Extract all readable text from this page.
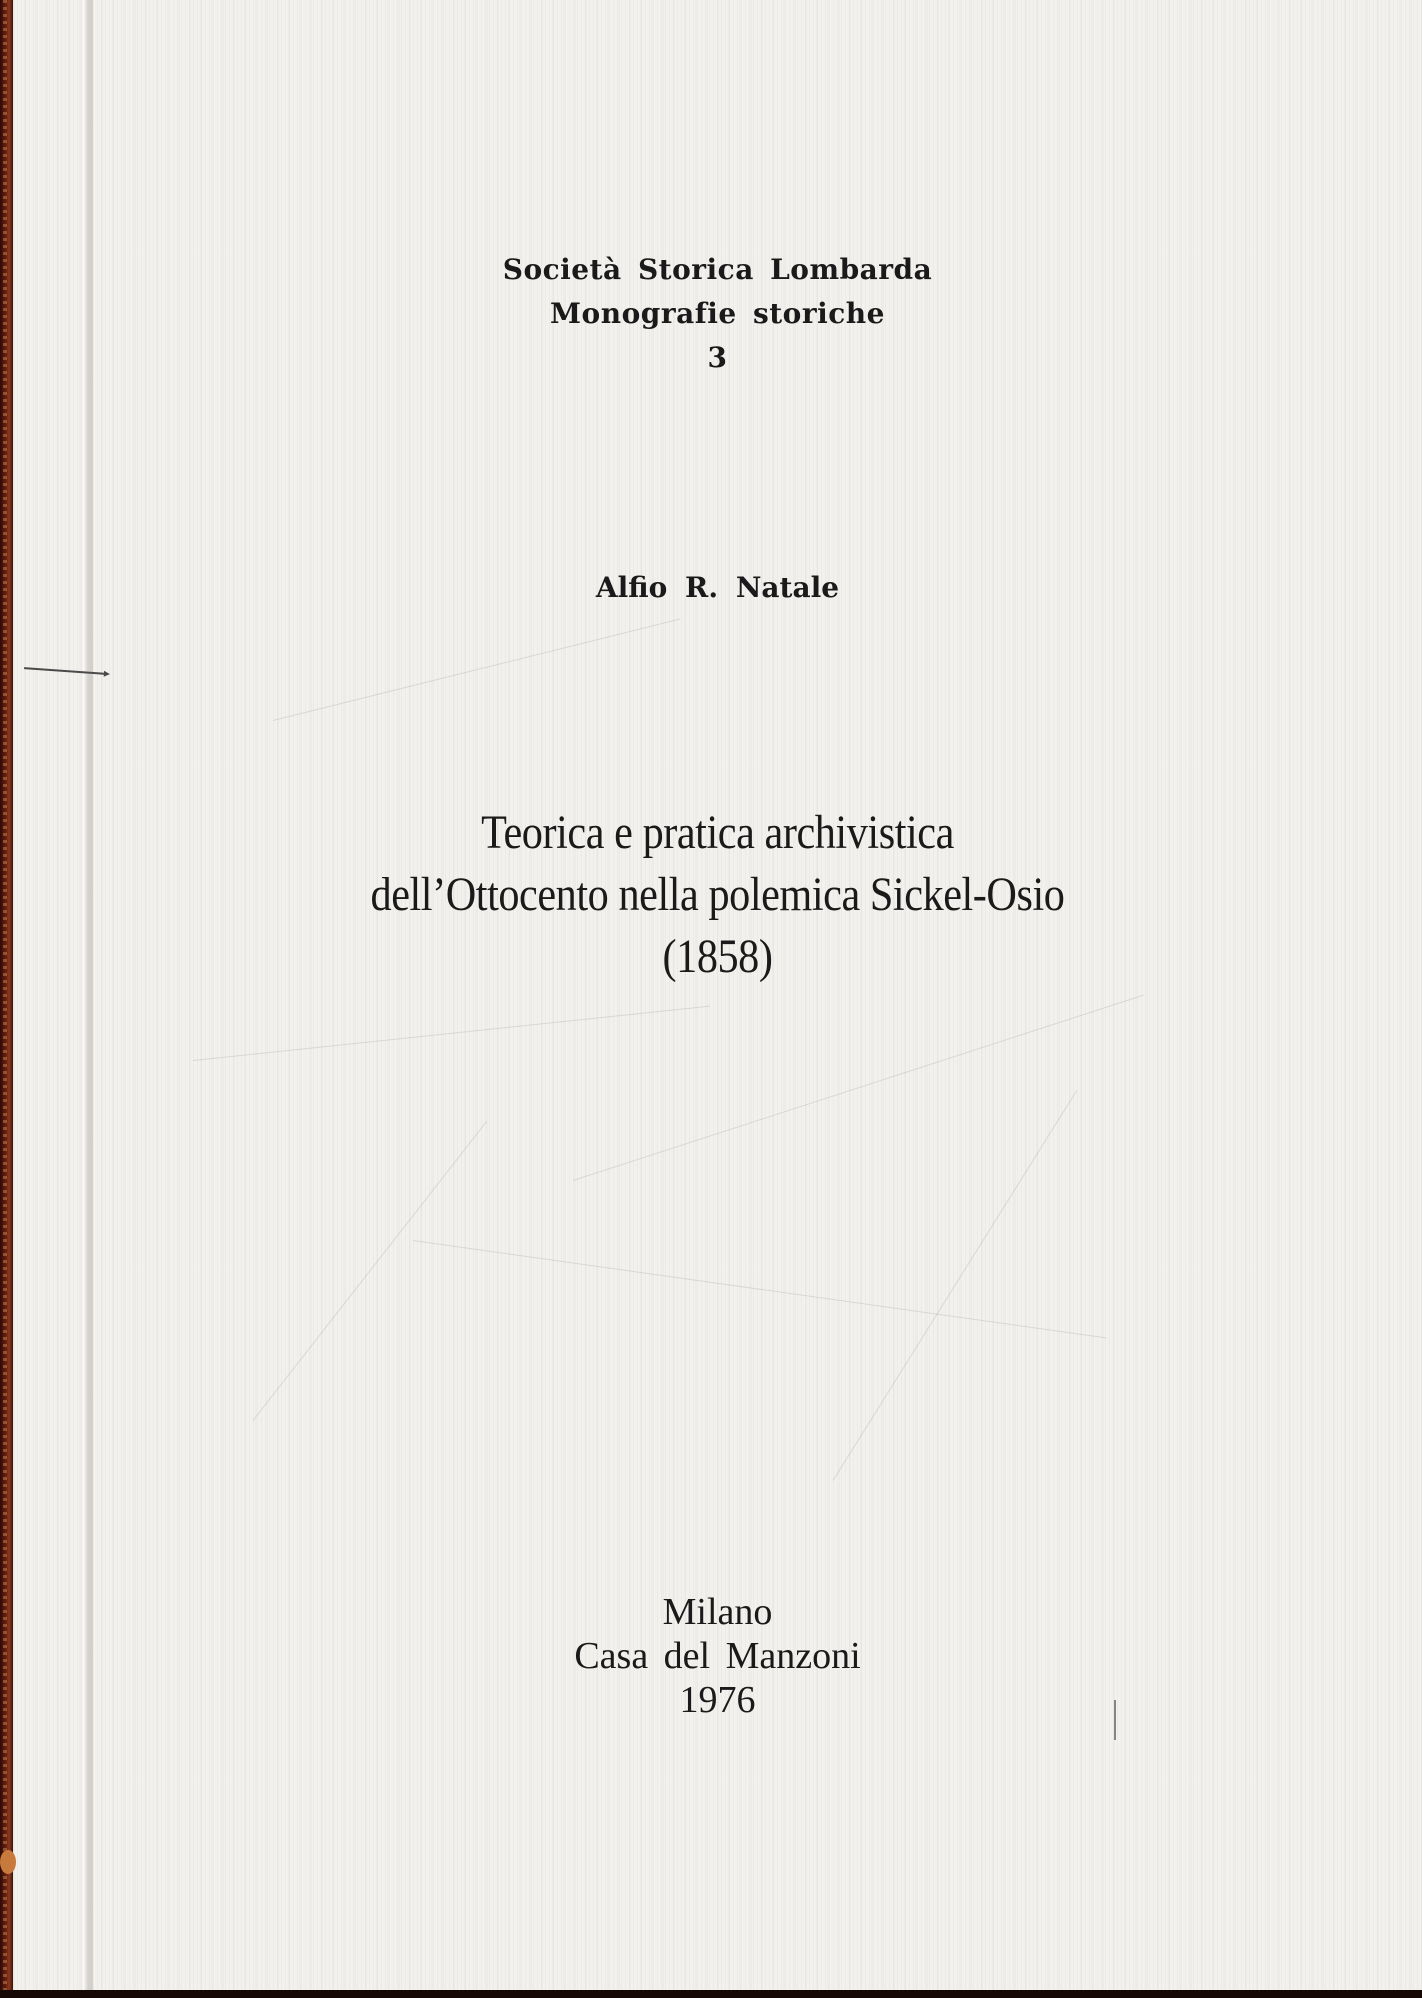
Società Storica Lombarda
Monografie storiche
3
Alfio R. Natale
Teorica e pratica archivistica
dell’Ottocento nella polemica Sickel-Osio
(1858)
Milano
Casa del Manzoni
1976
